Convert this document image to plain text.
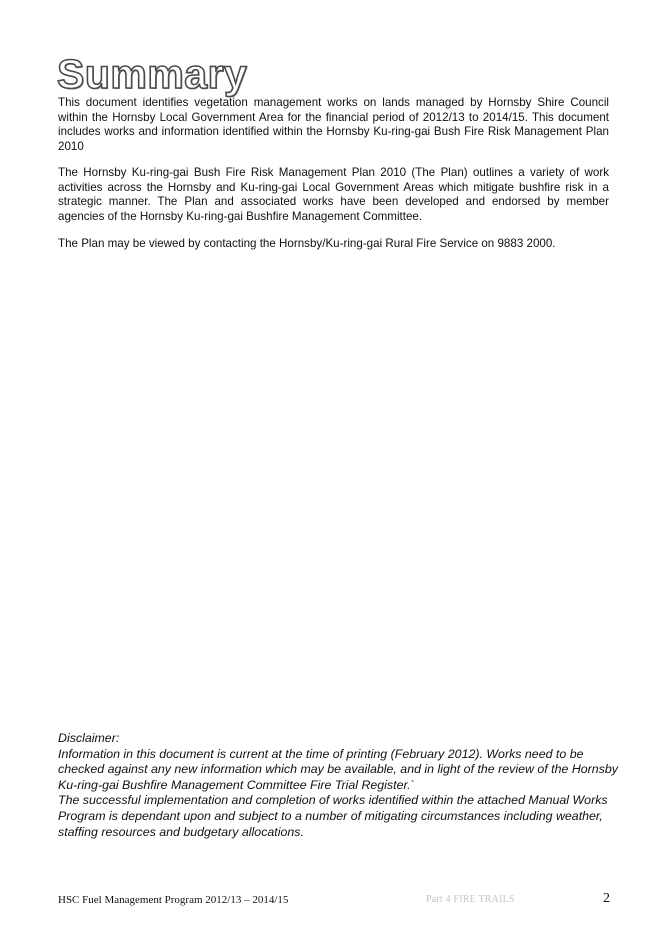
Summary

This document identifies vegetation management works on lands managed by Hornsby Shire Council within the Hornsby Local Government Area for the financial period of 2012/13 to 2014/15. This document includes works and information identified within the Hornsby Ku-ring-gai Bush Fire Risk Management Plan 2010

The Hornsby Ku-ring-gai Bush Fire Risk Management Plan 2010 (The Plan) outlines a variety of work activities across the Hornsby and Ku-ring-gai Local Government Areas which mitigate bushfire risk in a strategic manner. The Plan and associated works have been developed and endorsed by member agencies of the Hornsby Ku-ring-gai Bushfire Management Committee.

The Plan may be viewed by contacting the Hornsby/Ku-ring-gai Rural Fire Service on 9883 2000.

Disclaimer:

Information in this document is current at the time of printing (February 2012). Works need to be checked against any new information which may be available, and in light of the review of the Hornsby Ku-ring-gai Bushfire Management Committee Fire Trial Register.`

The successful implementation and completion of works identified within the attached Manual Works Program is dependant upon and subject to a number of mitigating circumstances including weather, staffing resources and budgetary allocations.

HSC Fuel Management Program 2012/13 – 2014/15	Part 4 FIRE TRAILS	2
